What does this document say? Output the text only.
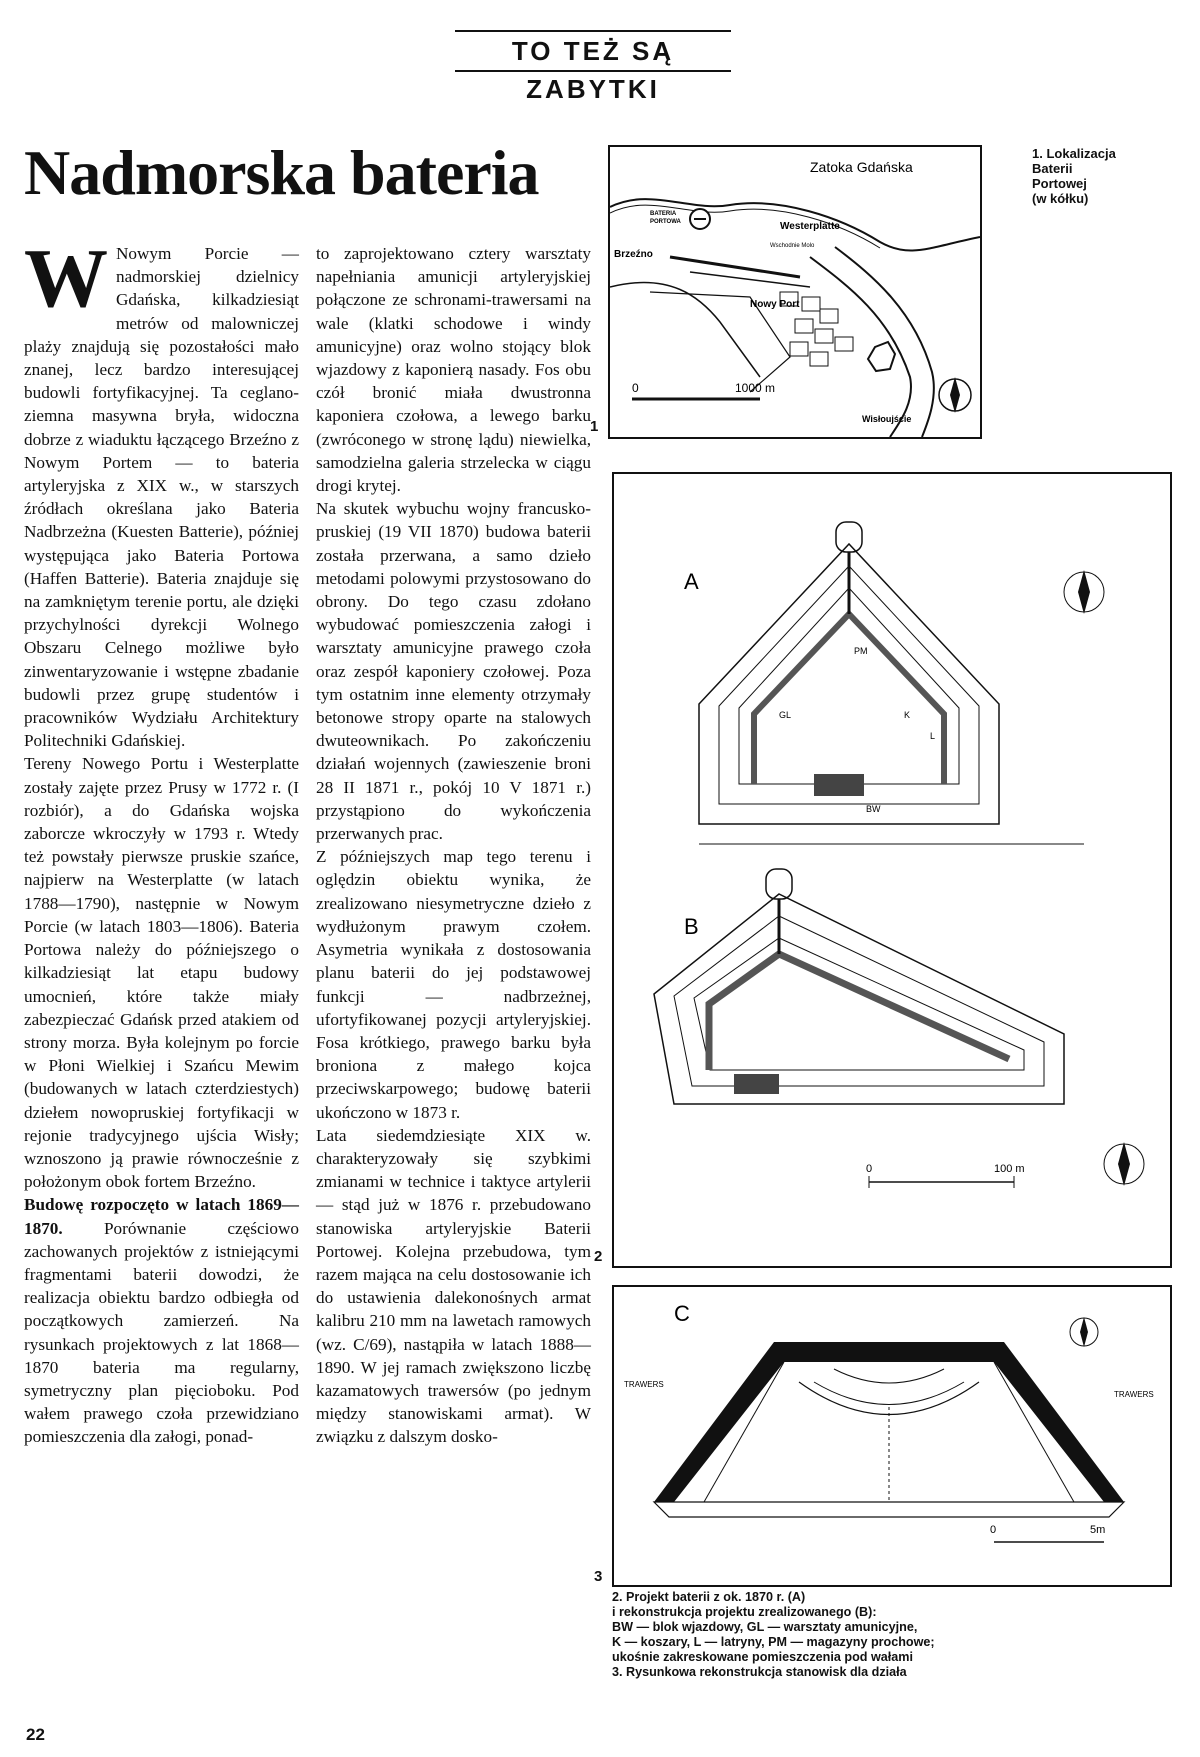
TO TEŻ SĄ ZABYTKI
Nadmorska bateria
W Nowym Porcie — nadmorskiej dzielnicy Gdańska, kilkadziesiąt metrów od malowniczej plaży znajdują się pozostałości mało znanej, lecz bardzo interesującej budowli fortyfikacyjnej. Ta ceglano-ziemna masywna bryła, widoczna dobrze z wiaduktu łączącego Brzeźno z Nowym Portem — to bateria artyleryjska z XIX w., w starszych źródłach określana jako Bateria Nadbrzeżna (Kuesten Batterie), później występująca jako Bateria Portowa (Haffen Batterie). Bateria znajduje się na zamkniętym terenie portu, ale dzięki przychylności dyrekcji Wolnego Obszaru Celnego możliwe było zinwentaryzowanie i wstępne zbadanie budowli przez grupę studentów i pracowników Wydziału Architektury Politechniki Gdańskiej.

Tereny Nowego Portu i Westerplatte zostały zajęte przez Prusy w 1772 r. (I rozbiór), a do Gdańska wojska zaborcze wkroczyły w 1793 r. Wtedy też powstały pierwsze pruskie szańce, najpierw na Westerplatte (w latach 1788—1790), następnie w Nowym Porcie (w latach 1803—1806). Bateria Portowa należy do późniejszego o kilkadziesiąt lat etapu budowy umocnień, które także miały zabezpieczać Gdańsk przed atakiem od strony morza. Była kolejnym po forcie w Płoni Wielkiej i Szańcu Mewim (budowanych w latach czterdziestych) dziełem nowopruskiej fortyfikacji w rejonie tradycyjnego ujścia Wisły; wznoszono ją prawie równocześnie z położonym obok fortem Brzeźno.

Budowę rozpoczęto w latach 1869—1870. Porównanie częściowo zachowanych projektów z istniejącymi fragmentami baterii dowodzi, że realizacja obiektu bardzo odbiegła od początkowych zamierzeń. Na rysunkach projektowych z lat 1868—1870 bateria ma regularny, symetryczny plan pięcioboku. Pod wałem prawego czoła przewidziano pomieszczenia dla załogi, ponad-

to zaprojektowano cztery warsztaty napełniania amunicji artyleryjskiej połączone ze schronami-trawersami na wale (klatki schodowe i windy amunicyjne) oraz wolno stojący blok wjazdowy z kaponierą nasady. Fos obu czół bronić miała dwustronna kaponiera czołowa, a lewego barku (zwróconego w stronę lądu) niewielka, samodzielna galeria strzelecka w ciągu drogi krytej.

Na skutek wybuchu wojny francusko-pruskiej (19 VII 1870) budowa baterii została przerwana, a samo dzieło metodami polowymi przystosowano do obrony. Do tego czasu zdołano wybudować pomieszczenia załogi i warsztaty amunicyjne prawego czoła oraz zespół kaponiery czołowej. Poza tym ostatnim inne elementy otrzymały betonowe stropy oparte na stalowych dwuteownikach. Po zakończeniu działań wojennych (zawieszenie broni 28 II 1871 r., pokój 10 V 1871 r.) przystąpiono do wykończenia przerwanych prac.

Z późniejszych map tego terenu i oględzin obiektu wynika, że zrealizowano niesymetryczne dzieło z wydłużonym prawym czołem. Asymetria wynikała z dostosowania planu baterii do jej podstawowej funkcji — nadbrzeżnej, ufortyfikowanej pozycji artyleryjskiej. Fosa krótkiego, prawego barku była broniona z małego kojca przeciwskarpowego; budowę baterii ukończono w 1873 r.

Lata siedemdziesiąte XIX w. charakteryzowały się szybkimi zmianami w technice i taktyce artylerii — stąd już w 1876 r. przebudowano stanowiska artyleryjskie Baterii Portowej. Kolejna przebudowa, tym razem mająca na celu dostosowanie ich do ustawienia dalekonośnych armat kalibru 210 mm na lawetach ramowych (wz. C/69), nastąpiła w latach 1888—1890. W jej ramach zwiększono liczbę kazamatowych trawersów (po jednym między stanowiskami armat). W związku z dalszym dosko-

Zatoka Gdańska
Westerplatte
Brzeźno
Nowy Port
BATERIA
PORTOWA
Wschodnie Molo
Wisłoujście
0	1000 m
1
A
GL	K
PM
L
BW
B
0	100 m
2
C
TRAWERS
TRAWERS
0	5m
3
1. Lokalizacja
Baterii
Portowej
(w kółku)
2. Projekt baterii z ok. 1870 r. (A)
i rekonstrukcja projektu zrealizowanego (B):
BW — blok wjazdowy, GL — warsztaty amunicyjne,
K — koszary, L — latryny, PM — magazyny prochowe;
ukośnie zakreskowane pomieszczenia pod wałami
3. Rysunkowa rekonstrukcja stanowisk dla działa
22
